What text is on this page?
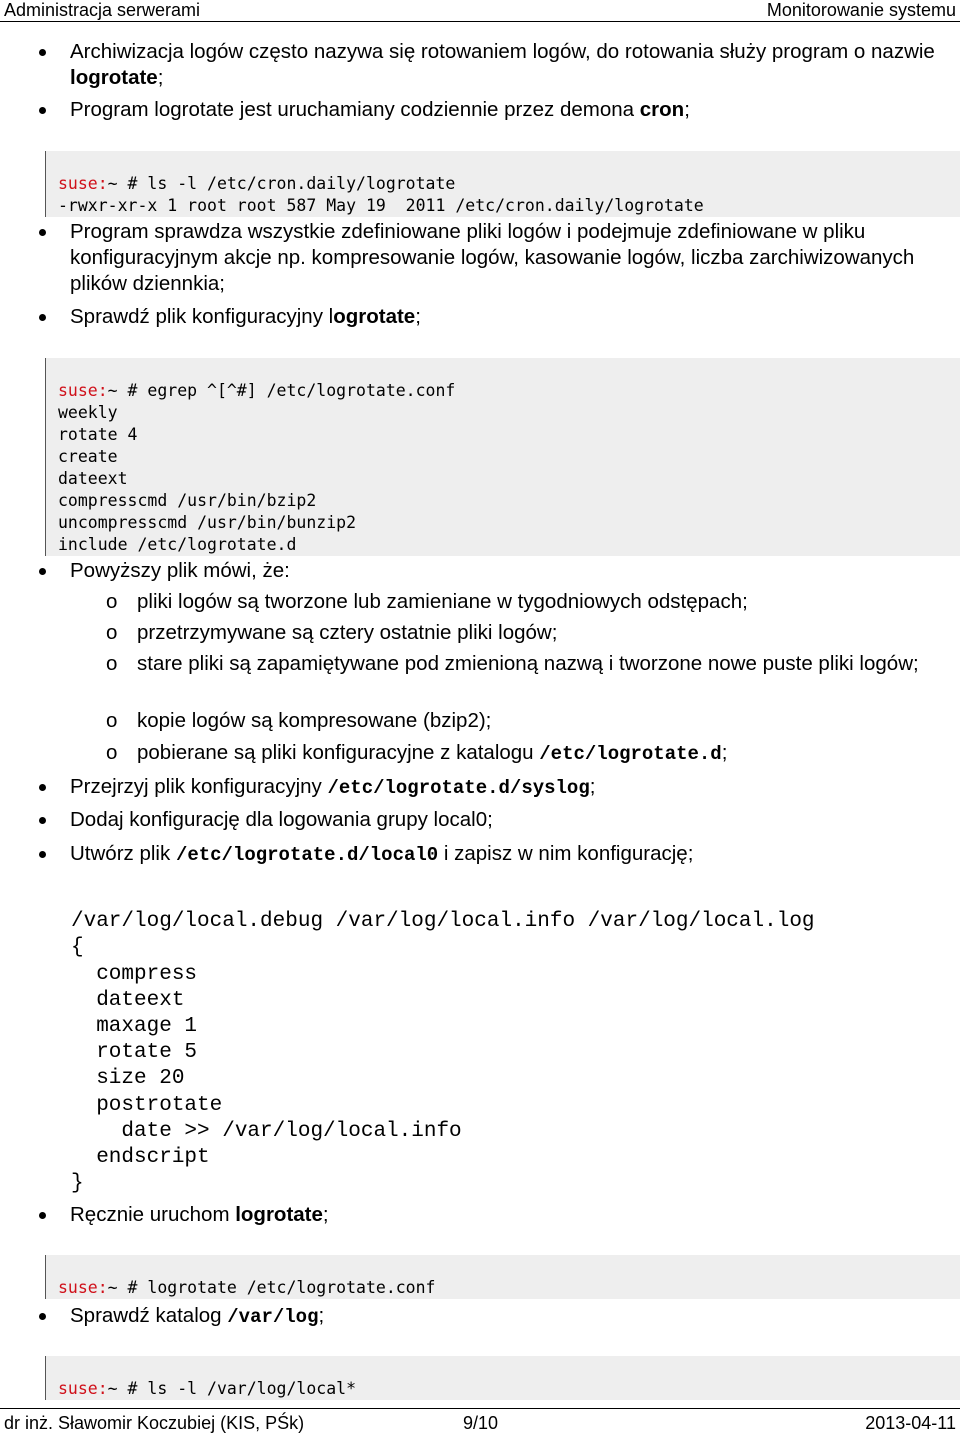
Administracja serwerami	Monitorowanie systemu
Archiwizacja logów często nazywa się rotowaniem logów, do rotowania służy program o nazwie logrotate;
Program logrotate jest uruchamiany codziennie przez demona cron;

suse:~ # ls -l /etc/cron.daily/logrotate
-rwxr-xr-x 1 root root 587 May 19  2011 /etc/cron.daily/logrotate
Program sprawdza wszystkie zdefiniowane pliki logów i podejmuje zdefiniowane w pliku konfiguracyjnym akcje np. kompresowanie logów, kasowanie logów, liczba zarchiwizowanych plików dziennkia;
Sprawdź plik konfiguracyjny logrotate;

suse:~ # egrep ^[^#] /etc/logrotate.conf
weekly
rotate 4
create
dateext
compresscmd /usr/bin/bzip2
uncompresscmd /usr/bin/bunzip2
include /etc/logrotate.d
Powyższy plik mówi, że:
o pliki logów są tworzone lub zamieniane w tygodniowych odstępach;
o przetrzymywane są cztery ostatnie pliki logów;
o stare pliki są zapamiętywane pod zmienioną nazwą i tworzone nowe puste pliki logów;
o kopie logów są kompresowane (bzip2);
o pobierane są pliki konfiguracyjne z katalogu /etc/logrotate.d;
Przejrzyj plik konfiguracyjny /etc/logrotate.d/syslog;
Dodaj konfigurację dla logowania grupy local0;
Utwórz plik /etc/logrotate.d/local0 i zapisz w nim konfigurację;

/var/log/local.debug /var/log/local.info /var/log/local.log
{
compress
dateext
maxage 1
rotate 5
size 20
postrotate
date >> /var/log/local.info
endscript
}
Ręcznie uruchom logrotate;

suse:~ # logrotate /etc/logrotate.conf
Sprawdź katalog /var/log;

suse:~ # ls -l /var/log/local*
dr inż. Sławomir Koczubiej (KIS, PŚk)	9/10	2013-04-11
